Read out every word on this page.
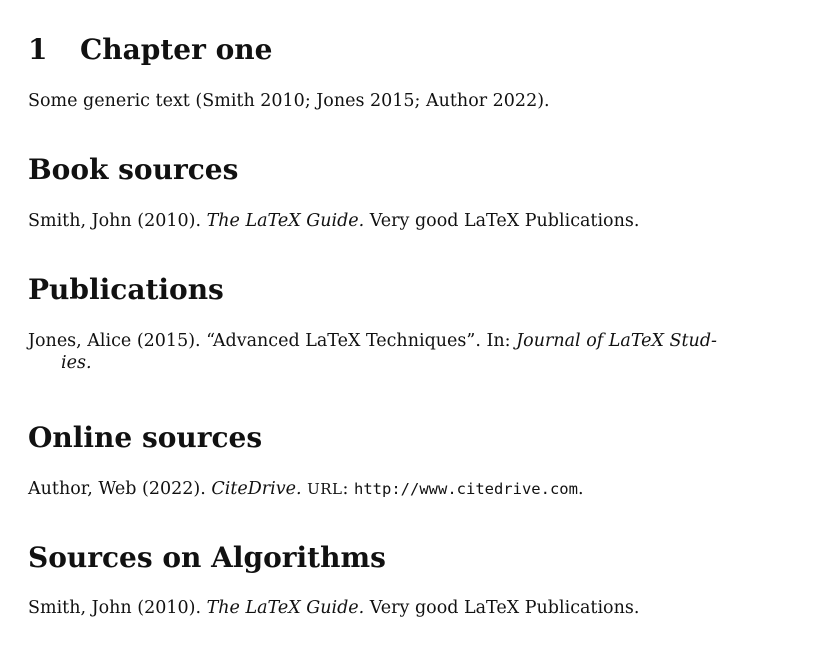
1 Chapter one

Some generic text (Smith 2010; Jones 2015; Author 2022).

Book sources

Smith, John (2010). The LaTeX Guide. Very good LaTeX Publications.

Publications

Jones, Alice (2015). “Advanced LaTeX Techniques”. In: Journal of LaTeX Stud-
ies.

Online sources

Author, Web (2022). CiteDrive. URL: http://www.citedrive.com.

Sources on Algorithms

Smith, John (2010). The LaTeX Guide. Very good LaTeX Publications.
